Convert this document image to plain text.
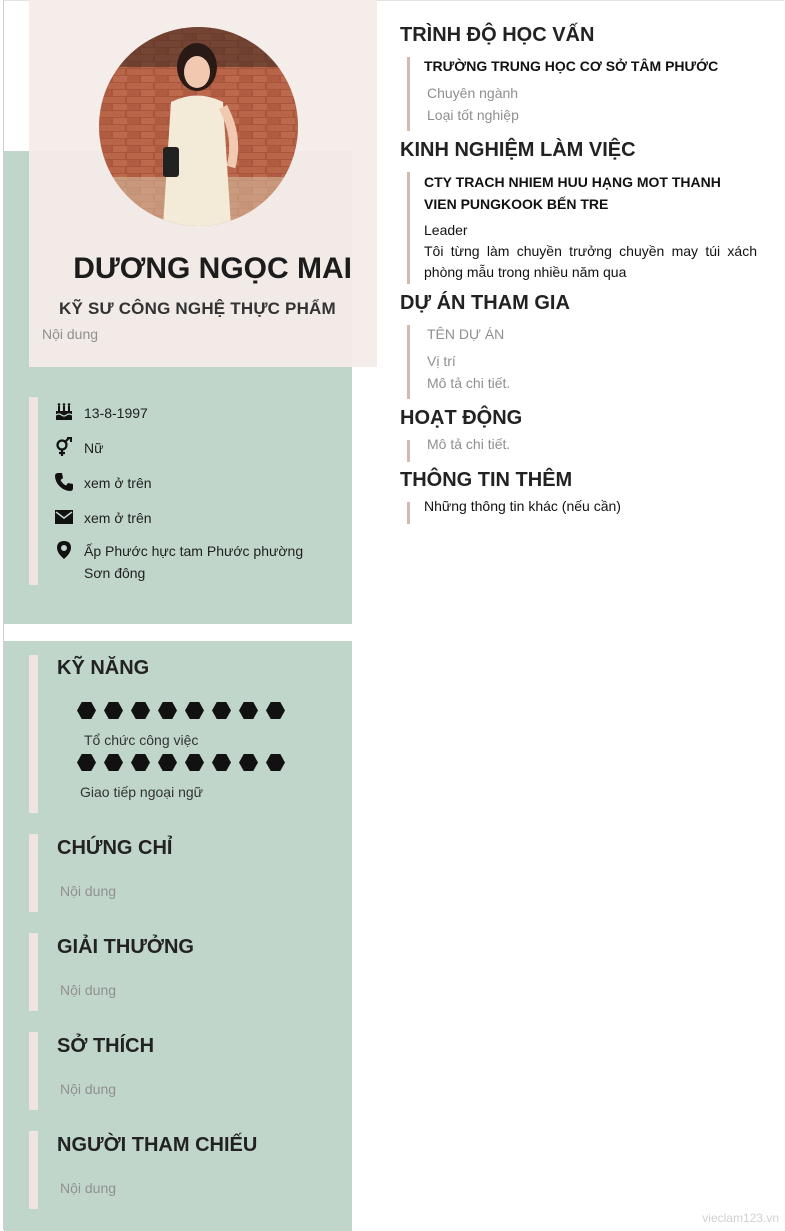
DƯƠNG NGỌC MAI
KỸ SƯ CÔNG NGHỆ THỰC PHẨM
Nội dung
13-8-1997
Nữ
xem ở trên
xem ở trên
Ấp Phước hực tam Phước phường Sơn đông
KỸ NĂNG
Tổ chức công việc
Giao tiếp ngoại ngữ
CHỨNG CHỈ
Nội dung
GIẢI THƯỞNG
Nội dung
SỞ THÍCH
Nội dung
NGƯỜI THAM CHIẾU
Nội dung
TRÌNH ĐỘ HỌC VẤN
TRƯỜNG TRUNG HỌC CƠ SỞ TÂM PHƯỚC
Chuyên ngành
Loại tốt nghiệp
KINH NGHIỆM LÀM VIỆC
CTY TRACH NHIEM HUU HẠNG MOT THANH VIEN PUNGKOOK BẾN TRE
Leader
Tôi từng làm chuyền trưởng chuyền may túi xách phòng mẫu trong nhiều năm qua
DỰ ÁN THAM GIA
TÊN DỰ ÁN
Vị trí
Mô tả chi tiết.
HOẠT ĐỘNG
Mô tả chi tiết.
THÔNG TIN THÊM
Những thông tin khác (nếu cần)
vieclam123.vn
